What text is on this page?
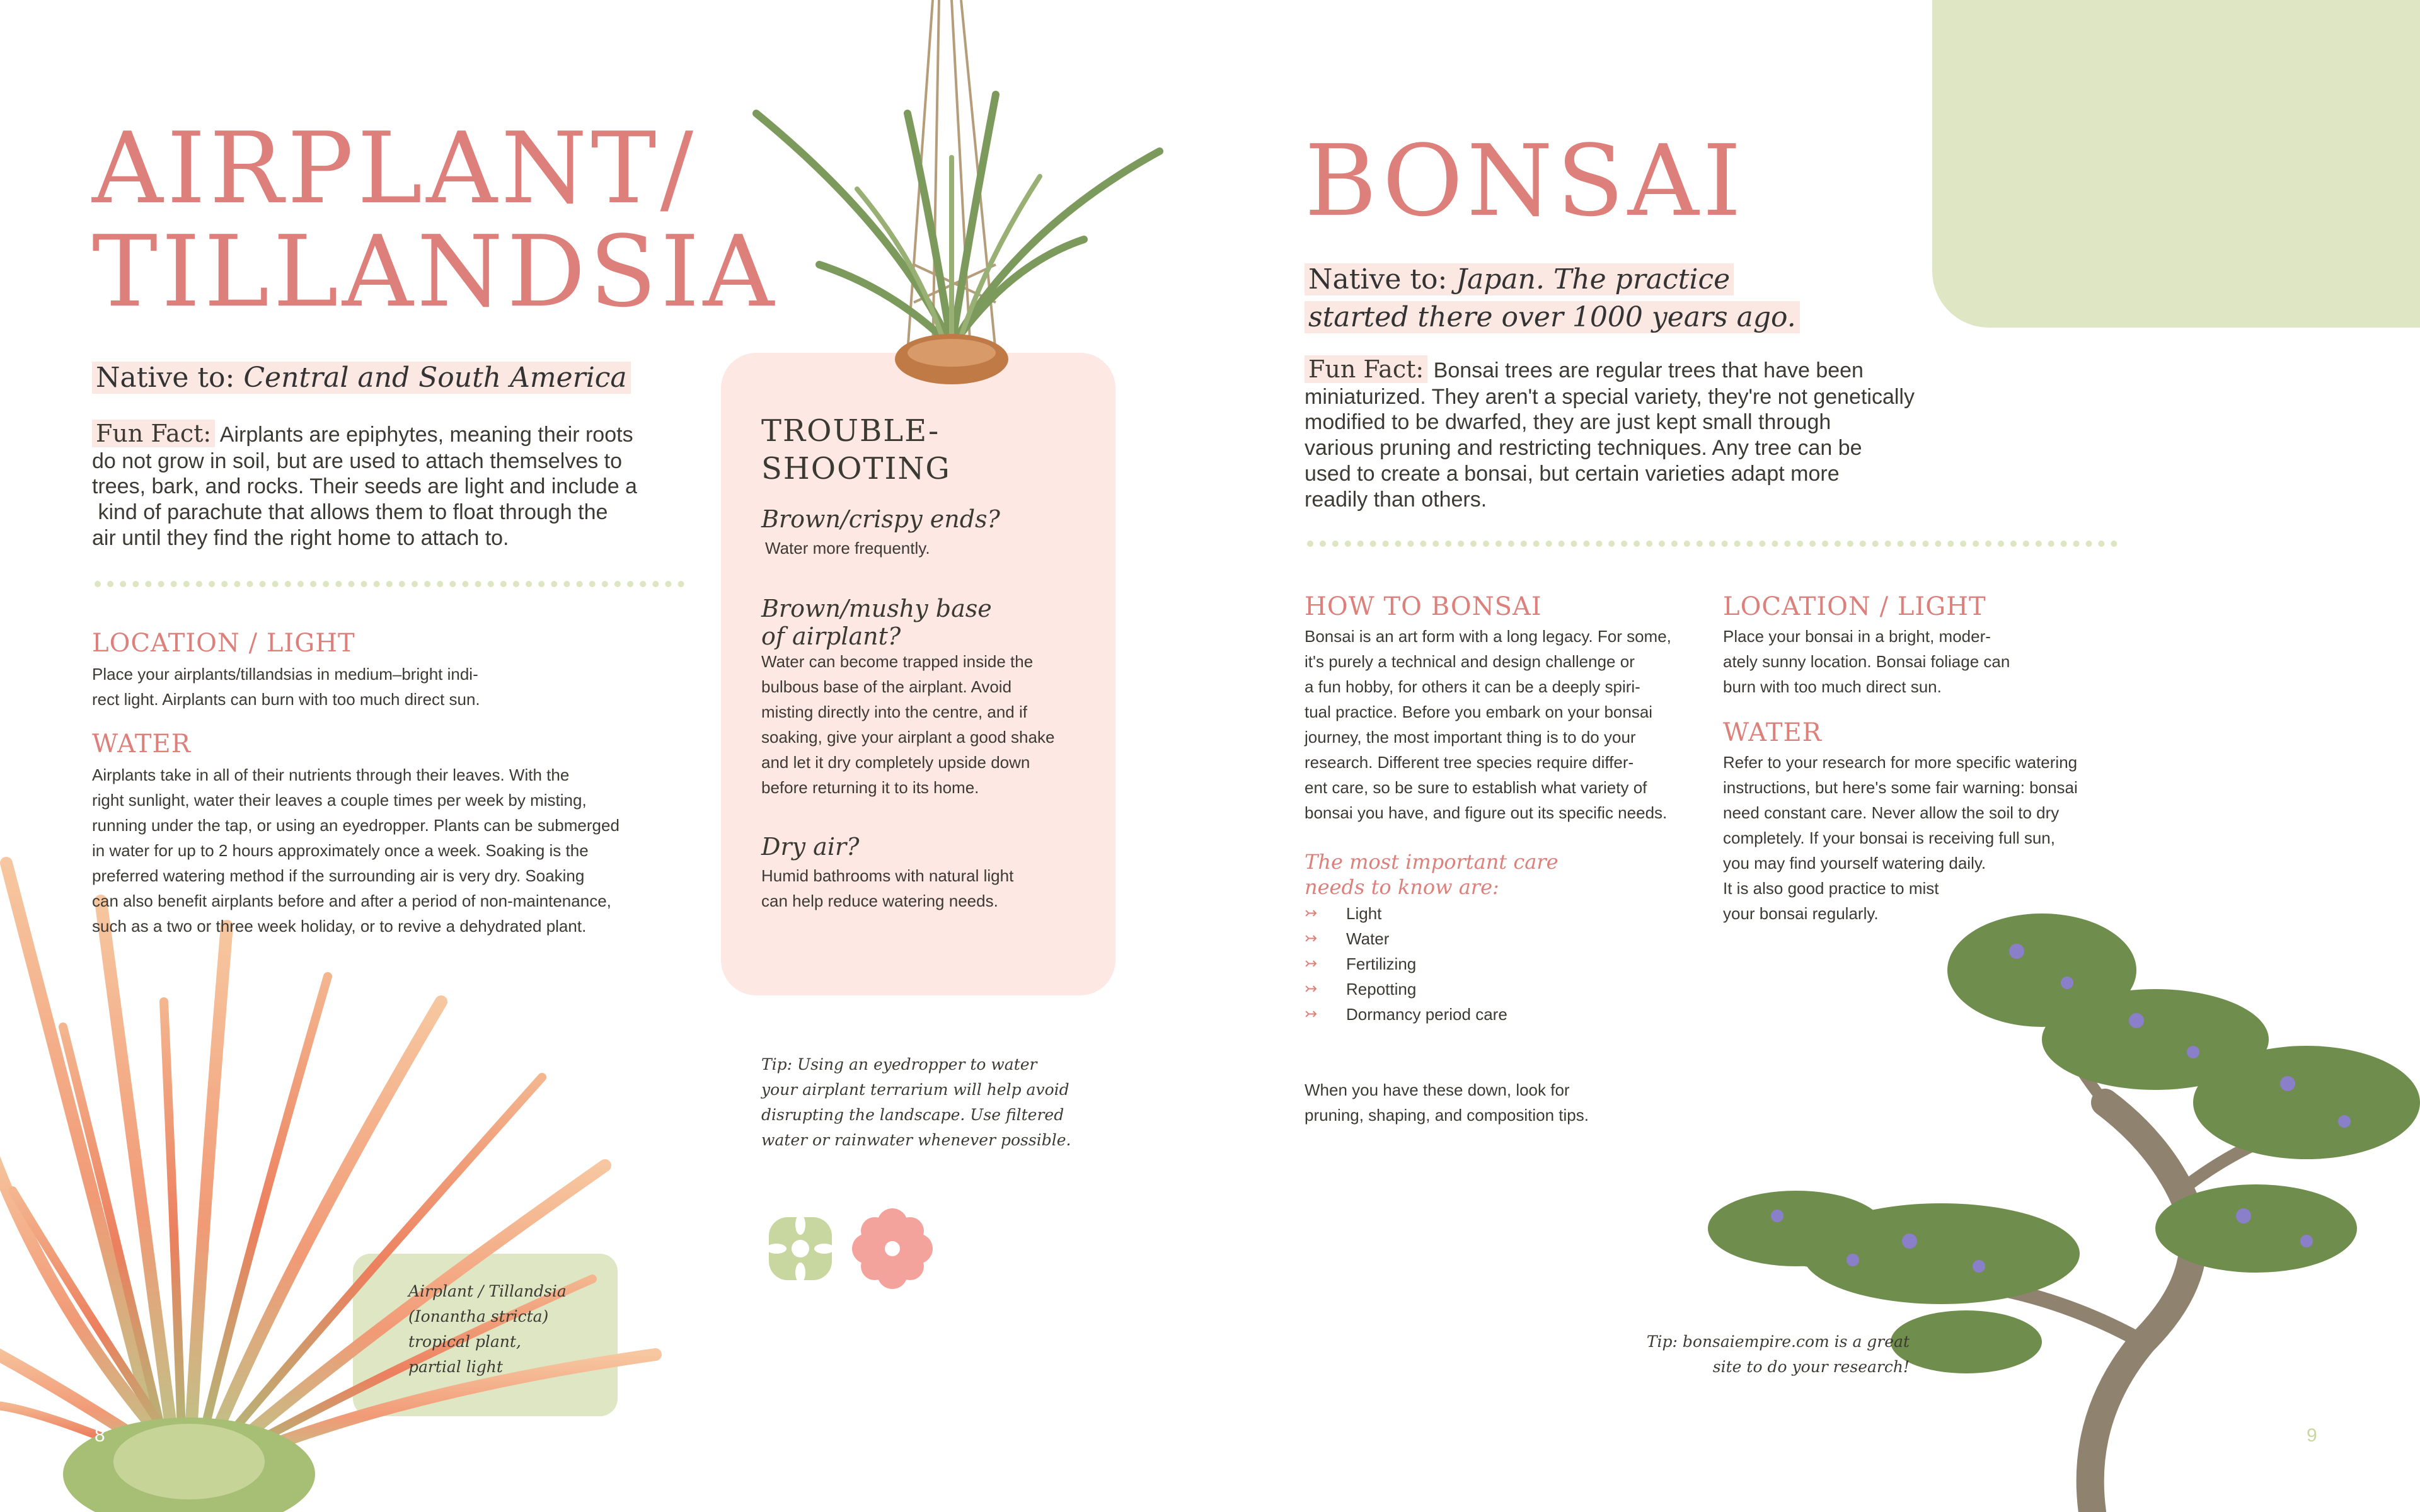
AIRPLANT/
TILLANDSIA
Native to: Central and South America
Fun Fact: Airplants are epiphytes, meaning their roots
do not grow in soil, but are used to attach themselves to
trees, bark, and rocks. Their seeds are light and include a
kind of parachute that allows them to float through the
air until they find the right home to attach to.
LOCATION / LIGHT
Place your airplants/tillandsias in medium–bright indi-
rect light. Airplants can burn with too much direct sun.
WATER
Airplants take in all of their nutrients through their leaves. With the
right sunlight, water their leaves a couple times per week by misting,
running under the tap, or using an eyedropper. Plants can be submerged
in water for up to 2 hours approximately once a week. Soaking is the
preferred watering method if the surrounding air is very dry. Soaking
can also benefit airplants before and after a period of non-maintenance,
such as a two or three week holiday, or to revive a dehydrated plant.
Airplant / Tillandsia
(Ionantha stricta)
tropical plant,
partial light
8
TROUBLE-
SHOOTING
Brown/crispy ends?
Water more frequently.
Brown/mushy base
of airplant?
Water can become trapped inside the
bulbous base of the airplant. Avoid
misting directly into the centre, and if
soaking, give your airplant a good shake
and let it dry completely upside down
before returning it to its home.
Dry air?
Humid bathrooms with natural light
can help reduce watering needs.
Tip: Using an eyedropper to water
your airplant terrarium will help avoid
disrupting the landscape. Use filtered
water or rainwater whenever possible.
BONSAI
Native to: Japan. The practice
started there over 1000 years ago.
Fun Fact: Bonsai trees are regular trees that have been
miniaturized. They aren't a special variety, they're not genetically
modified to be dwarfed, they are just kept small through
various pruning and restricting techniques. Any tree can be
used to create a bonsai, but certain varieties adapt more
readily than others.
HOW TO BONSAI
Bonsai is an art form with a long legacy. For some,
it's purely a technical and design challenge or
a fun hobby, for others it can be a deeply spiri-
tual practice. Before you embark on your bonsai
journey, the most important thing is to do your
research. Different tree species require differ-
ent care, so be sure to establish what variety of
bonsai you have, and figure out its specific needs.
The most important care
needs to know are:
↣ Light
↣ Water
↣ Fertilizing
↣ Repotting
↣ Dormancy period care
When you have these down, look for
pruning, shaping, and composition tips.
LOCATION / LIGHT
Place your bonsai in a bright, moder-
ately sunny location. Bonsai foliage can
burn with too much direct sun.
WATER
Refer to your research for more specific watering
instructions, but here's some fair warning: bonsai
need constant care. Never allow the soil to dry
completely. If your bonsai is receiving full sun,
you may find yourself watering daily.
It is also good practice to mist
your bonsai regularly.
Tip: bonsaiempire.com is a great
site to do your research!
9
